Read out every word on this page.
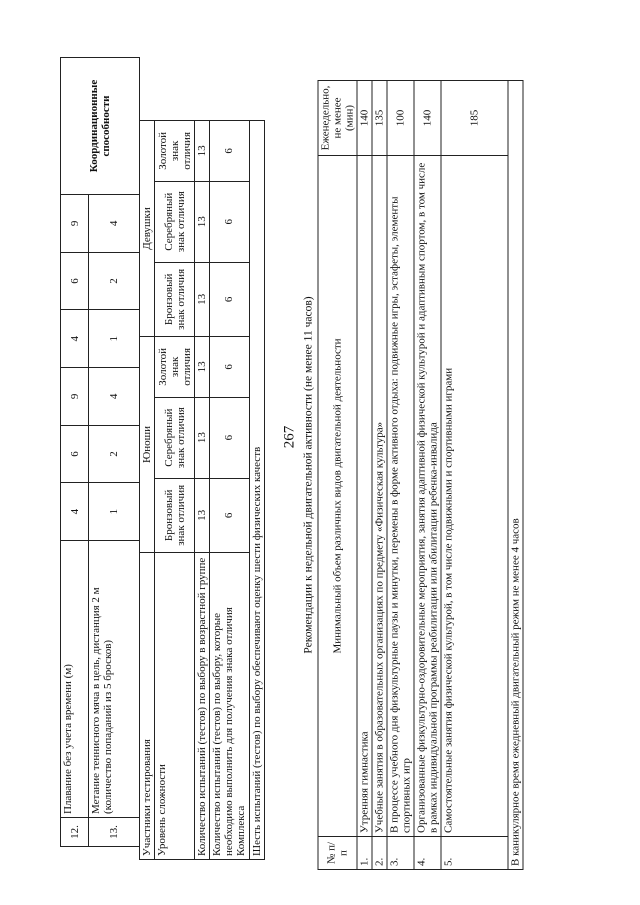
267
12.	Плавание без учета времени (м)	4	6	9	4	6	9	Координационные способности
13.	Метание теннисного мяча в цель, дистанция 2 м (количество попаданий из 5 бросков)	1	2	4	1	2	4	
Участники тестирования	Юноши			Девушки		
Уровень сложности	Бронзовый знак отличия	Серебряный знак отличия	Золотой знак отличия	Бронзовый знак отличия	Серебряный знак отличия	Золотой знак отличия
Количество испытаний (тестов) по выбору в возрастной группе	13	13	13	13	13	13
Количество испытаний (тестов) по выбору, которые необходимо выполнить для получения знака отличия Комплекса	6	6	6	6	6	6
Шесть испытаний (тестов) по выбору обеспечивают оценку шести физических качеств							Рекомендации к недельной двигательной активности (не менее 11 часов)
№ п/п	Минимальный объем различных видов двигательной деятельности	Еженедельно, не менее (мин)
1.	Утренняя гимнастика	140
2.	Учебные занятия в образовательных организациях по предмету «Физическая культура»	135
3.	В процессе учебного дня физкультурные паузы и минутки, перемены в форме активного отдыха: подвижные игры, эстафеты, элементы спортивных игр	100
4.	Организованные физкультурно-оздоровительные мероприятия, занятия адаптивной физической культурой и адаптивным спортом, в том числе в рамках индивидуальной программы реабилитации или абилитации ребенка-инвалида	140
5.	Самостоятельные занятия физической культурой, в том числе подвижными и спортивными играми	185
В каникулярное время ежедневный двигательный режим не менее 4 часов		
